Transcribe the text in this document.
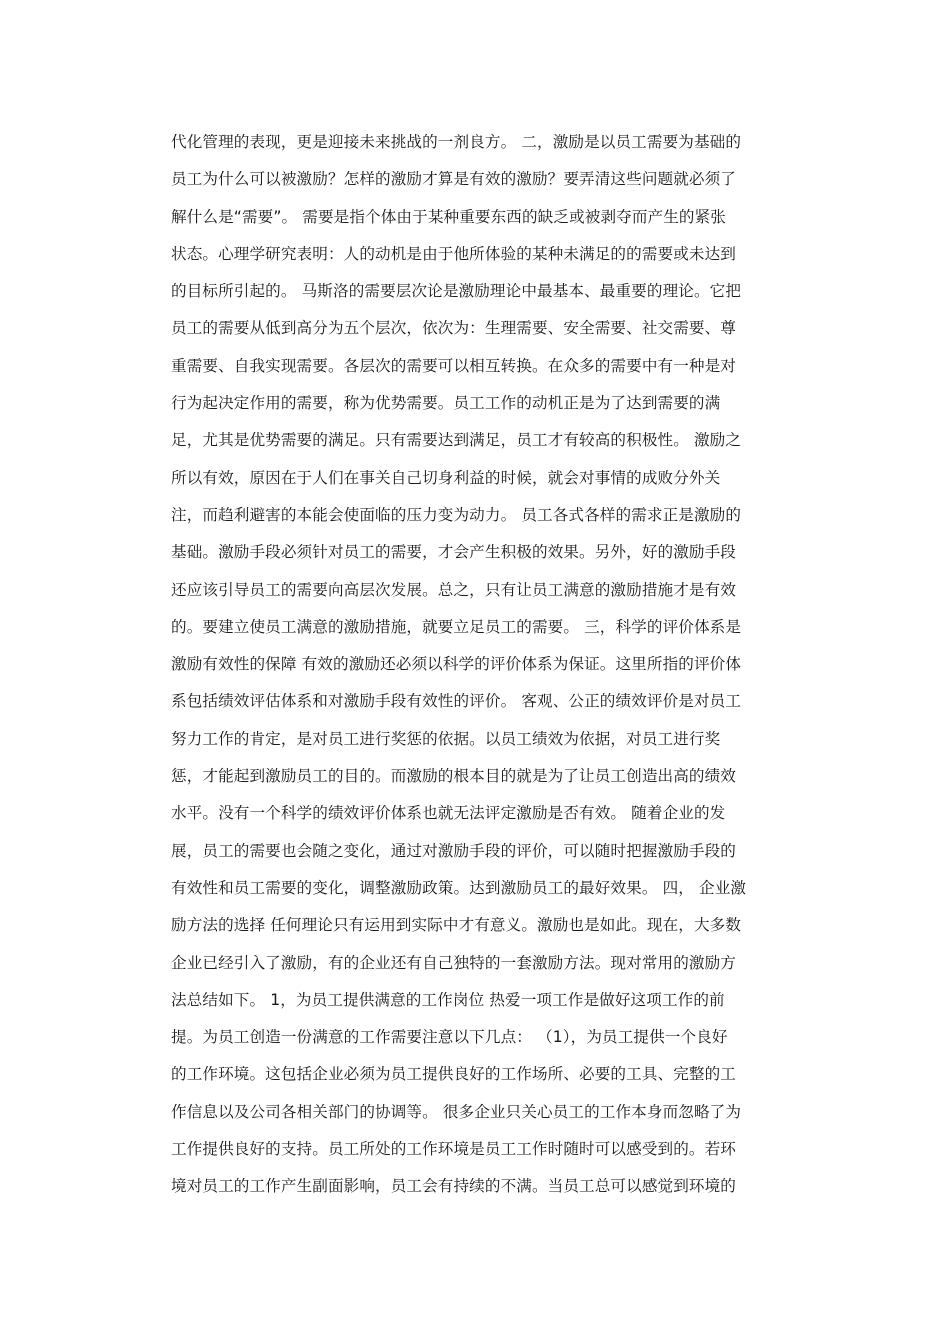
代化管理的表现，更是迎接未来挑战的一剂良方。 二，激励是以员工需要为基础的
员工为什么可以被激励？怎样的激励才算是有效的激励？要弄清这些问题就必须了
解什么是“需要”。 需要是指个体由于某种重要东西的缺乏或被剥夺而产生的紧张
状态。心理学研究表明：人的动机是由于他所体验的某种未满足的的需要或未达到
的目标所引起的。 马斯洛的需要层次论是激励理论中最基本、最重要的理论。它把
员工的需要从低到高分为五个层次，依次为：生理需要、安全需要、社交需要、尊
重需要、自我实现需要。各层次的需要可以相互转换。在众多的需要中有一种是对
行为起决定作用的需要，称为优势需要。员工工作的动机正是为了达到需要的满
足，尤其是优势需要的满足。只有需要达到满足，员工才有较高的积极性。 激励之
所以有效，原因在于人们在事关自己切身利益的时候，就会对事情的成败分外关
注，而趋利避害的本能会使面临的压力变为动力。 员工各式各样的需求正是激励的
基础。激励手段必须针对员工的需要，才会产生积极的效果。另外，好的激励手段
还应该引导员工的需要向高层次发展。总之，只有让员工满意的激励措施才是有效
的。要建立使员工满意的激励措施，就要立足员工的需要。 三，科学的评价体系是
激励有效性的保障 有效的激励还必须以科学的评价体系为保证。这里所指的评价体
系包括绩效评估体系和对激励手段有效性的评价。 客观、公正的绩效评价是对员工
努力工作的肯定，是对员工进行奖惩的依据。以员工绩效为依据，对员工进行奖
惩，才能起到激励员工的目的。而激励的根本目的就是为了让员工创造出高的绩效
水平。没有一个科学的绩效评价体系也就无法评定激励是否有效。 随着企业的发
展，员工的需要也会随之变化，通过对激励手段的评价，可以随时把握激励手段的
有效性和员工需要的变化，调整激励政策。达到激励员工的最好效果。 四， 企业激
励方法的选择 任何理论只有运用到实际中才有意义。激励也是如此。现在，大多数
企业已经引入了激励，有的企业还有自己独特的一套激励方法。现对常用的激励方
法总结如下。 1，为员工提供满意的工作岗位 热爱一项工作是做好这项工作的前
提。为员工创造一份满意的工作需要注意以下几点： （1），为员工提供一个良好
的工作环境。这包括企业必须为员工提供良好的工作场所、必要的工具、完整的工
作信息以及公司各相关部门的协调等。 很多企业只关心员工的工作本身而忽略了为
工作提供良好的支持。员工所处的工作环境是员工工作时随时可以感受到的。若环
境对员工的工作产生副面影响，员工会有持续的不满。当员工总可以感觉到环境的
